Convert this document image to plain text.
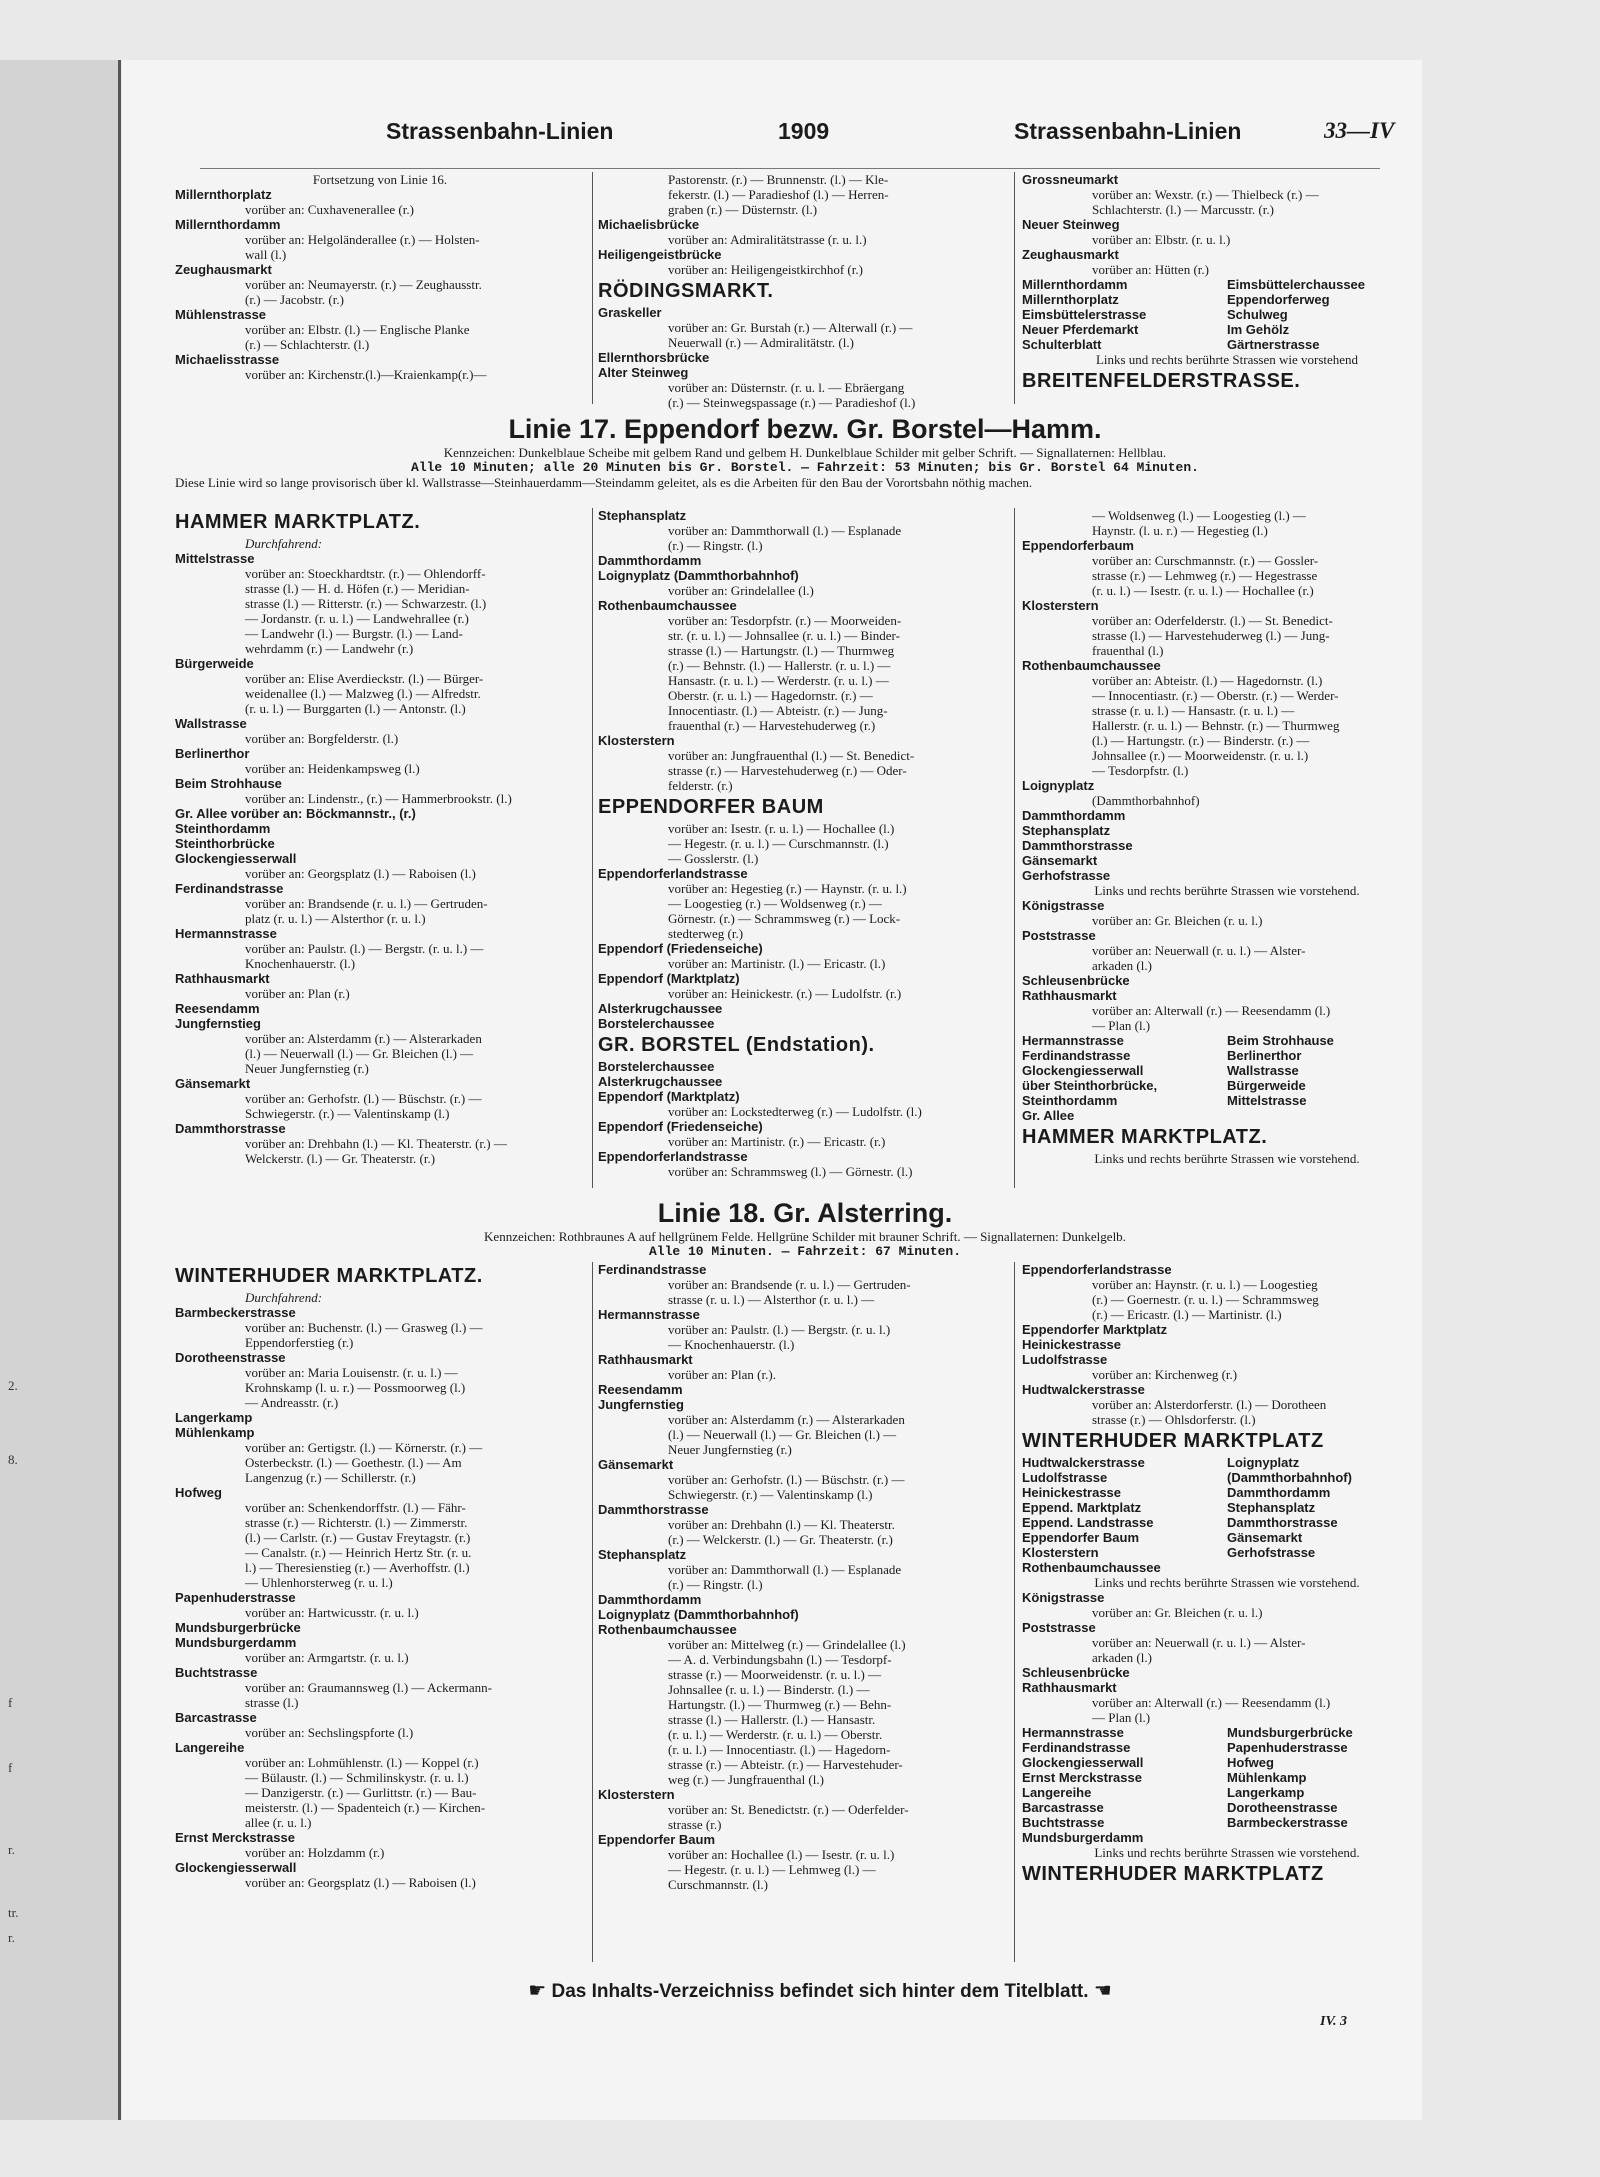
2.
8.
f
f
r.
tr.
r.
Strassenbahn-Linien	1909	Strassenbahn-Linien	33—IV
Fortsetzung von Linie 16.
Millernthorplatz
vorüber an: Cuxhavenerallee (r.)
Millernthordamm
vorüber an: Helgoländerallee (r.) — Holsten-
wall (l.)
Zeughausmarkt
vorüber an: Neumayerstr. (r.) — Zeughausstr.
(r.) — Jacobstr. (r.)
Mühlenstrasse
vorüber an: Elbstr. (l.) — Englische Planke
(r.) — Schlachterstr. (l.)
Michaelisstrasse
vorüber an: Kirchenstr.(l.)—Kraienkamp(r.)—
Pastorenstr. (r.) — Brunnenstr. (l.) — Kle-
fekerstr. (l.) — Paradieshof (l.) — Herren-
graben (r.) — Düsternstr. (l.)
Michaelisbrücke
vorüber an: Admiralitätstrasse (r. u. l.)
Heiligengeistbrücke
vorüber an: Heiligengeistkirchhof (r.)
RÖDINGSMARKT.
Graskeller
vorüber an: Gr. Burstah (r.) — Alterwall (r.) —
Neuerwall (r.) — Admiralitätstr. (l.)
Ellernthorsbrücke
Alter Steinweg
vorüber an: Düsternstr. (r. u. l. — Ebräergang
(r.) — Steinwegspassage (r.) — Paradieshof (l.)
Grossneumarkt
vorüber an: Wexstr. (r.) — Thielbeck (r.) —
Schlachterstr. (l.) — Marcusstr. (r.)
Neuer Steinweg
vorüber an: Elbstr. (r. u. l.)
Zeughausmarkt
vorüber an: Hütten (r.)
Millernthordamm	Eimsbüttelerchaussee
Millernthorplatz	Eppendorferweg
Eimsbüttelerstrasse	Schulweg
Neuer Pferdemarkt	Im Gehölz
Schulterblatt	Gärtnerstrasse
Links und rechts berührte Strassen wie vorstehend
BREITENFELDERSTRASSE.
Linie 17. Eppendorf bezw. Gr. Borstel—Hamm.
Kennzeichen: Dunkelblaue Scheibe mit gelbem Rand und gelbem H. Dunkelblaue Schilder mit gelber Schrift. — Signallaternen: Hellblau.
Alle 10 Minuten; alle 20 Minuten bis Gr. Borstel. — Fahrzeit: 53 Minuten; bis Gr. Borstel 64 Minuten.
Diese Linie wird so lange provisorisch über kl. Wallstrasse—Steinhauerdamm—Steindamm geleitet, als es die Arbeiten für den Bau der Vorortsbahn nöthig machen.
HAMMER MARKTPLATZ.
Durchfahrend:
Mittelstrasse
vorüber an: Stoeckhardtstr. (r.) — Ohlendorff-
strasse (l.) — H. d. Höfen (r.) — Meridian-
strasse (l.) — Ritterstr. (r.) — Schwarzestr. (l.)
— Jordanstr. (r. u. l.) — Landwehrallee (r.)
— Landwehr (l.) — Burgstr. (l.) — Land-
wehrdamm (r.) — Landwehr (r.)
Bürgerweide
vorüber an: Elise Averdieckstr. (l.) — Bürger-
weidenallee (l.) — Malzweg (l.) — Alfredstr.
(r. u. l.) — Burggarten (l.) — Antonstr. (l.)
Wallstrasse
vorüber an: Borgfelderstr. (l.)
Berlinerthor
vorüber an: Heidenkampsweg (l.)
Beim Strohhause
vorüber an: Lindenstr., (r.) — Hammerbrookstr. (l.)
Gr. Allee vorüber an: Böckmannstr., (r.)
Steinthordamm
Steinthorbrücke
Glockengiesserwall
vorüber an: Georgsplatz (l.) — Raboisen (l.)
Ferdinandstrasse
vorüber an: Brandsende (r. u. l.) — Gertruden-
platz (r. u. l.) — Alsterthor (r. u. l.)
Hermannstrasse
vorüber an: Paulstr. (l.) — Bergstr. (r. u. l.) —
Knochenhauerstr. (l.)
Rathhausmarkt
vorüber an: Plan (r.)
Reesendamm
Jungfernstieg
vorüber an: Alsterdamm (r.) — Alsterarkaden
(l.) — Neuerwall (l.) — Gr. Bleichen (l.) —
Neuer Jungfernstieg (r.)
Gänsemarkt
vorüber an: Gerhofstr. (l.) — Büschstr. (r.) —
Schwiegerstr. (r.) — Valentinskamp (l.)
Dammthorstrasse
vorüber an: Drehbahn (l.) — Kl. Theaterstr. (r.) —
Welckerstr. (l.) — Gr. Theaterstr. (r.)
Stephansplatz
vorüber an: Dammthorwall (l.) — Esplanade
(r.) — Ringstr. (l.)
Dammthordamm
Loignyplatz (Dammthorbahnhof)
vorüber an: Grindelallee (l.)
Rothenbaumchaussee
vorüber an: Tesdorpfstr. (r.) — Moorweiden-
str. (r. u. l.) — Johnsallee (r. u. l.) — Binder-
strasse (l.) — Hartungstr. (l.) — Thurmweg
(r.) — Behnstr. (l.) — Hallerstr. (r. u. l.) —
Hansastr. (r. u. l.) — Werderstr. (r. u. l.) —
Oberstr. (r. u. l.) — Hagedornstr. (r.) —
Innocentiastr. (l.) — Abteistr. (r.) — Jung-
frauenthal (r.) — Harvestehuderweg (r.)
Klosterstern
vorüber an: Jungfrauenthal (l.) — St. Benedict-
strasse (r.) — Harvestehuderweg (r.) — Oder-
felderstr. (r.)
EPPENDORFER BAUM
vorüber an: Isestr. (r. u. l.) — Hochallee (l.)
— Hegestr. (r. u. l.) — Curschmannstr. (l.)
— Gosslerstr. (l.)
Eppendorferlandstrasse
vorüber an: Hegestieg (r.) — Haynstr. (r. u. l.)
— Loogestieg (r.) — Woldsenweg (r.) —
Görnestr. (r.) — Schrammsweg (r.) — Lock-
stedterweg (r.)
Eppendorf (Friedenseiche)
vorüber an: Martinistr. (l.) — Ericastr. (l.)
Eppendorf (Marktplatz)
vorüber an: Heinickestr. (r.) — Ludolfstr. (r.)
Alsterkrugchaussee
Borstelerchaussee
GR. BORSTEL (Endstation).
Borstelerchaussee
Alsterkrugchaussee
Eppendorf (Marktplatz)
vorüber an: Lockstedterweg (r.) — Ludolfstr. (l.)
Eppendorf (Friedenseiche)
vorüber an: Martinistr. (r.) — Ericastr. (r.)
Eppendorferlandstrasse
vorüber an: Schrammsweg (l.) — Görnestr. (l.)
— Woldsenweg (l.) — Loogestieg (l.) —
Haynstr. (l. u. r.) — Hegestieg (l.)
Eppendorferbaum
vorüber an: Curschmannstr. (r.) — Gossler-
strasse (r.) — Lehmweg (r.) — Hegestrasse
(r. u. l.) — Isestr. (r. u. l.) — Hochallee (r.)
Klosterstern
vorüber an: Oderfelderstr. (l.) — St. Benedict-
strasse (l.) — Harvestehuderweg (l.) — Jung-
frauenthal (l.)
Rothenbaumchaussee
vorüber an: Abteistr. (l.) — Hagedornstr. (l.)
— Innocentiastr. (r.) — Oberstr. (r.) — Werder-
strasse (r. u. l.) — Hansastr. (r. u. l.) —
Hallerstr. (r. u. l.) — Behnstr. (r.) — Thurmweg
(l.) — Hartungstr. (r.) — Binderstr. (r.) —
Johnsallee (r.) — Moorweidenstr. (r. u. l.)
— Tesdorpfstr. (l.)
Loignyplatz
(Dammthorbahnhof)
Dammthordamm
Stephansplatz
Dammthorstrasse
Gänsemarkt
Gerhofstrasse
Links und rechts berührte Strassen wie vorstehend.
Königstrasse
vorüber an: Gr. Bleichen (r. u. l.)
Poststrasse
vorüber an: Neuerwall (r. u. l.) — Alster-
arkaden (l.)
Schleusenbrücke
Rathhausmarkt
vorüber an: Alterwall (r.) — Reesendamm (l.)
— Plan (l.)
Hermannstrasse	Beim Strohhause
Ferdinandstrasse	Berlinerthor
Glockengiesserwall	Wallstrasse
über Steinthorbrücke,	Bürgerweide
Steinthordamm	Mittelstrasse
Gr. Allee
HAMMER MARKTPLATZ.
Links und rechts berührte Strassen wie vorstehend.
Linie 18. Gr. Alsterring.
Kennzeichen: Rothbraunes A auf hellgrünem Felde. Hellgrüne Schilder mit brauner Schrift. — Signallaternen: Dunkelgelb.
Alle 10 Minuten. — Fahrzeit: 67 Minuten.
WINTERHUDER MARKTPLATZ.
Durchfahrend:
Barmbeckerstrasse
vorüber an: Buchenstr. (l.) — Grasweg (l.) —
Eppendorferstieg (r.)
Dorotheenstrasse
vorüber an: Maria Louisenstr. (r. u. l.) —
Krohnskamp (l. u. r.) — Possmoorweg (l.)
— Andreasstr. (r.)
Langerkamp
Mühlenkamp
vorüber an: Gertigstr. (l.) — Körnerstr. (r.) —
Osterbeckstr. (l.) — Goethestr. (l.) — Am
Langenzug (r.) — Schillerstr. (r.)
Hofweg
vorüber an: Schenkendorffstr. (l.) — Fähr-
strasse (r.) — Richterstr. (l.) — Zimmerstr.
(l.) — Carlstr. (r.) — Gustav Freytagstr. (r.)
— Canalstr. (r.) — Heinrich Hertz Str. (r. u.
l.) — Theresienstieg (r.) — Averhoffstr. (l.)
— Uhlenhorsterweg (r. u. l.)
Papenhuderstrasse
vorüber an: Hartwicusstr. (r. u. l.)
Mundsburgerbrücke
Mundsburgerdamm
vorüber an: Armgartstr. (r. u. l.)
Buchtstrasse
vorüber an: Graumannsweg (l.) — Ackermann-
strasse (l.)
Barcastrasse
vorüber an: Sechslingspforte (l.)
Langereihe
vorüber an: Lohmühlenstr. (l.) — Koppel (r.)
— Bülaustr. (l.) — Schmilinskystr. (r. u. l.)
— Danzigerstr. (r.) — Gurlittstr. (r.) — Bau-
meisterstr. (l.) — Spadenteich (r.) — Kirchen-
allee (r. u. l.)
Ernst Merckstrasse
vorüber an: Holzdamm (r.)
Glockengiesserwall
vorüber an: Georgsplatz (l.) — Raboisen (l.)
Ferdinandstrasse
vorüber an: Brandsende (r. u. l.) — Gertruden-
strasse (r. u. l.) — Alsterthor (r. u. l.) —
Hermannstrasse
vorüber an: Paulstr. (l.) — Bergstr. (r. u. l.)
— Knochenhauerstr. (l.)
Rathhausmarkt
vorüber an: Plan (r.).
Reesendamm
Jungfernstieg
vorüber an: Alsterdamm (r.) — Alsterarkaden
(l.) — Neuerwall (l.) — Gr. Bleichen (l.) —
Neuer Jungfernstieg (r.)
Gänsemarkt
vorüber an: Gerhofstr. (l.) — Büschstr. (r.) —
Schwiegerstr. (r.) — Valentinskamp (l.)
Dammthorstrasse
vorüber an: Drehbahn (l.) — Kl. Theaterstr.
(r.) — Welckerstr. (l.) — Gr. Theaterstr. (r.)
Stephansplatz
vorüber an: Dammthorwall (l.) — Esplanade
(r.) — Ringstr. (l.)
Dammthordamm
Loignyplatz (Dammthorbahnhof)
Rothenbaumchaussee
vorüber an: Mittelweg (r.) — Grindelallee (l.)
— A. d. Verbindungsbahn (l.) — Tesdorpf-
strasse (r.) — Moorweidenstr. (r. u. l.) —
Johnsallee (r. u. l.) — Binderstr. (l.) —
Hartungstr. (l.) — Thurmweg (r.) — Behn-
strasse (l.) — Hallerstr. (l.) — Hansastr.
(r. u. l.) — Werderstr. (r. u. l.) — Oberstr.
(r. u. l.) — Innocentiastr. (l.) — Hagedorn-
strasse (r.) — Abteistr. (r.) — Harvestehuder-
weg (r.) — Jungfrauenthal (l.)
Klosterstern
vorüber an: St. Benedictstr. (r.) — Oderfelder-
strasse (r.)
Eppendorfer Baum
vorüber an: Hochallee (l.) — Isestr. (r. u. l.)
— Hegestr. (r. u. l.) — Lehmweg (l.) —
Curschmannstr. (l.)
Eppendorferlandstrasse
vorüber an: Haynstr. (r. u. l.) — Loogestieg
(r.) — Goernestr. (r. u. l.) — Schrammsweg
(r.) — Ericastr. (l.) — Martinistr. (l.)
Eppendorfer Marktplatz
Heinickestrasse
Ludolfstrasse
vorüber an: Kirchenweg (r.)
Hudtwalckerstrasse
vorüber an: Alsterdorferstr. (l.) — Dorotheen
strasse (r.) — Ohlsdorferstr. (l.)
WINTERHUDER MARKTPLATZ
Hudtwalckerstrasse	Loignyplatz
Ludolfstrasse	(Dammthorbahnhof)
Heinickestrasse	Dammthordamm
Eppend. Marktplatz	Stephansplatz
Eppend. Landstrasse	Dammthorstrasse
Eppendorfer Baum	Gänsemarkt
Klosterstern	Gerhofstrasse
Rothenbaumchaussee
Links und rechts berührte Strassen wie vorstehend.
Königstrasse
vorüber an: Gr. Bleichen (r. u. l.)
Poststrasse
vorüber an: Neuerwall (r. u. l.) — Alster-
arkaden (l.)
Schleusenbrücke
Rathhausmarkt
vorüber an: Alterwall (r.) — Reesendamm (l.)
— Plan (l.)
Hermannstrasse	Mundsburgerbrücke
Ferdinandstrasse	Papenhuderstrasse
Glockengiesserwall	Hofweg
Ernst Merckstrasse	Mühlenkamp
Langereihe	Langerkamp
Barcastrasse	Dorotheenstrasse
Buchtstrasse	Barmbeckerstrasse
Mundsburgerdamm
Links und rechts berührte Strassen wie vorstehend.
WINTERHUDER MARKTPLATZ
☛ Das Inhalts-Verzeichniss befindet sich hinter dem Titelblatt. ☚
IV. 3
